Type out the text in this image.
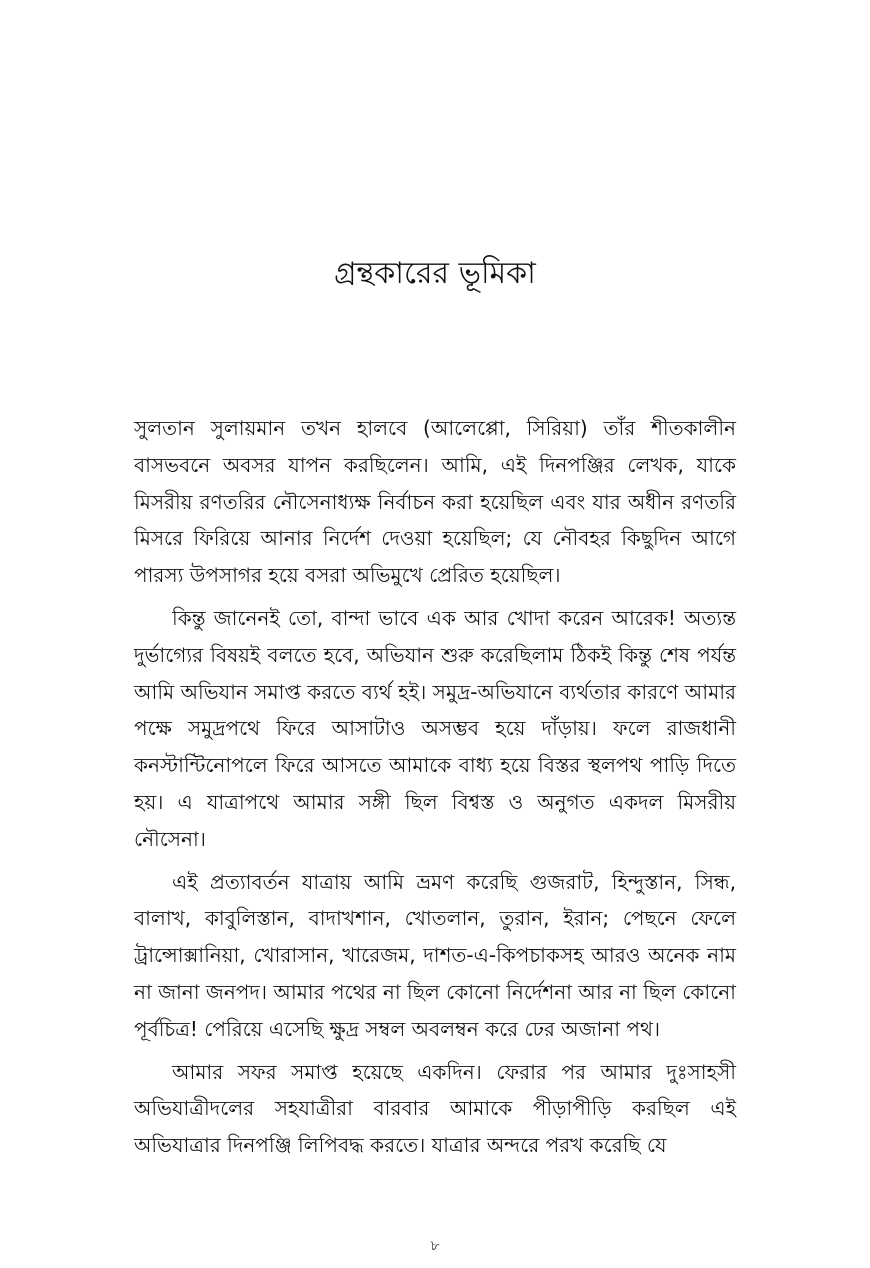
গ্রন্থকারের ভূমিকা

সুলতান সুলায়মান তখন হালবে (আলেপ্পো, সিরিয়া) তাঁর শীতকালীন বাসভবনে অবসর যাপন করছিলেন। আমি, এই দিনপঞ্জির লেখক, যাকে মিসরীয় রণতরির নৌসেনাধ্যক্ষ নির্বাচন করা হয়েছিল এবং যার অধীন রণতরি মিসরে ফিরিয়ে আনার নির্দেশ দেওয়া হয়েছিল; যে নৌবহর কিছুদিন আগে পারস্য উপসাগর হয়ে বসরা অভিমুখে প্রেরিত হয়েছিল।

কিন্তু জানেনই তো, বান্দা ভাবে এক আর খোদা করেন আরেক! অত্যন্ত দুর্ভাগ্যের বিষয়ই বলতে হবে, অভিযান শুরু করেছিলাম ঠিকই কিন্তু শেষ পর্যন্ত আমি অভিযান সমাপ্ত করতে ব্যর্থ হই। সমুদ্র-অভিযানে ব্যর্থতার কারণে আমার পক্ষে সমুদ্রপথে ফিরে আসাটাও অসম্ভব হয়ে দাঁড়ায়। ফলে রাজধানী কনস্টান্টিনোপলে ফিরে আসতে আমাকে বাধ্য হয়ে বিস্তর স্থলপথ পাড়ি দিতে হয়। এ যাত্রাপথে আমার সঙ্গী ছিল বিশ্বস্ত ও অনুগত একদল মিসরীয় নৌসেনা।

এই প্রত্যাবর্তন যাত্রায় আমি ভ্রমণ করেছি গুজরাট, হিন্দুস্তান, সিন্ধ, বালাখ, কাবুলিস্তান, বাদাখশান, খোতলান, তুরান, ইরান; পেছনে ফেলে ট্রান্সোক্সানিয়া, খোরাসান, খারেজম, দাশত-এ-কিপচাকসহ আরও অনেক নাম না জানা জনপদ। আমার পথের না ছিল কোনো নির্দেশনা আর না ছিল কোনো পূর্বচিত্র! পেরিয়ে এসেছি ক্ষুদ্র সম্বল অবলম্বন করে ঢের অজানা পথ।

আমার সফর সমাপ্ত হয়েছে একদিন। ফেরার পর আমার দুঃসাহসী অভিযাত্রীদলের সহযাত্রীরা বারবার আমাকে পীড়াপীড়ি করছিল এই অভিযাত্রার দিনপঞ্জি লিপিবদ্ধ করতে। যাত্রার অন্দরে পরখ করেছি যে

৮
